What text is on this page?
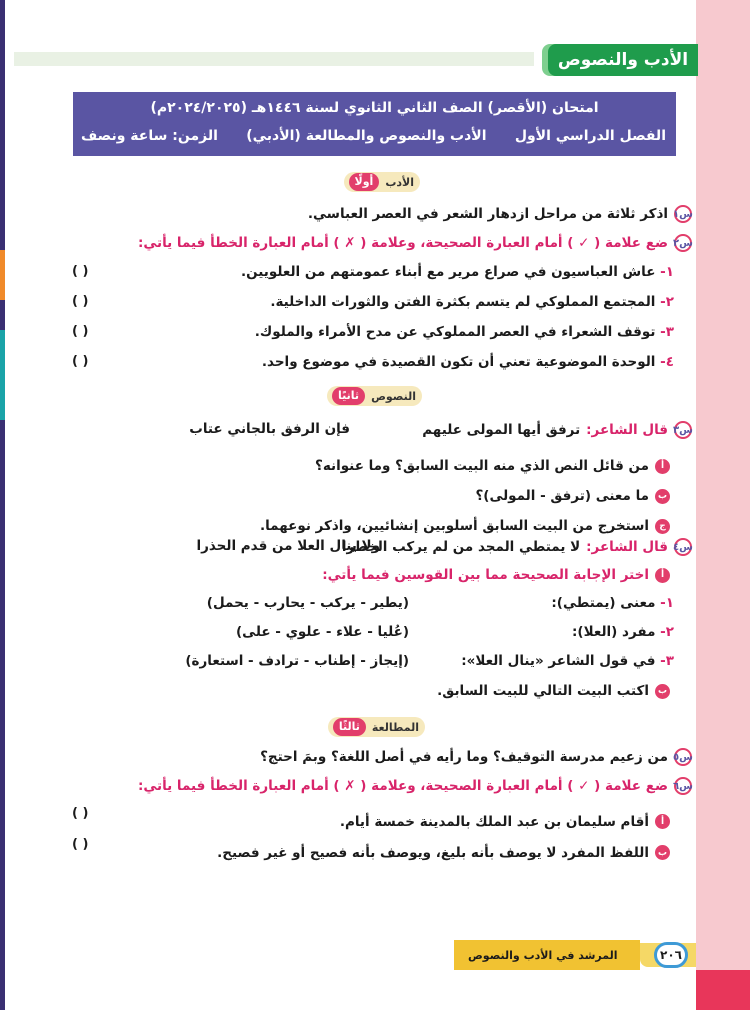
الأدب والنصوص
امتحان (الأقصر) الصف الثاني الثانوي لسنة ١٤٤٦هـ (٢٠٢٤/٢٠٢٥م)
الفصل الدراسي الأول
الأدب والنصوص والمطالعة (الأدبي)
الزمن: ساعة ونصف
الأدب
أولًا
س١
اذكر ثلاثة من مراحل ازدهار الشعر في العصر العباسي.
س٢
ضع علامة ( ✓ ) أمام العبارة الصحيحة، وعلامة ( ✗ ) أمام العبارة الخطأ فيما يأتي:
١- عاش العباسيون في صراع مرير مع أبناء عمومتهم من العلويين.
( )
٢- المجتمع المملوكي لم يتسم بكثرة الفتن والثورات الداخلية.
( )
٣- توقف الشعراء في العصر المملوكي عن مدح الأمراء والملوك.
( )
٤- الوحدة الموضوعية تعني أن تكون القصيدة في موضوع واحد.
( )
النصوص
ثانيًا
س٣
قال الشاعر:
ترفق أيها المولى عليهم
فإن الرفق بالجاني عتاب
أ
من قائل النص الذي منه البيت السابق؟ وما عنوانه؟
ب
ما معنى (ترفق - المولى)؟
ج
استخرج من البيت السابق أسلوبين إنشائيين، واذكر نوعهما.
س٤
قال الشاعر:
لا يمتطي المجد من لم يركب الخطرا
ولا ينال العلا من قدم الحذرا
أ
اختر الإجابة الصحيحة مما بين القوسين فيما يأتي:
١- معنى (يمتطي):
(يطير - يركب - يحارب - يحمل)
٢- مفرد (العلا):
(عُليا - علاء - علوي - على)
٣- في قول الشاعر «ينال العلا»:
(إيجاز - إطناب - ترادف - استعارة)
ب
اكتب البيت التالي للبيت السابق.
المطالعة
ثالثًا
س٥
من زعيم مدرسة التوقيف؟ وما رأيه في أصل اللغة؟ وبمَ احتج؟
س٦
ضع علامة ( ✓ ) أمام العبارة الصحيحة، وعلامة ( ✗ ) أمام العبارة الخطأ فيما يأتي:
أ
أقام سليمان بن عبد الملك بالمدينة خمسة أيام.
( )
ب
اللفظ المفرد لا يوصف بأنه بليغ، ويوصف بأنه فصيح أو غير فصيح.
( )
المرشد في الأدب والنصوص	٢٠٦
